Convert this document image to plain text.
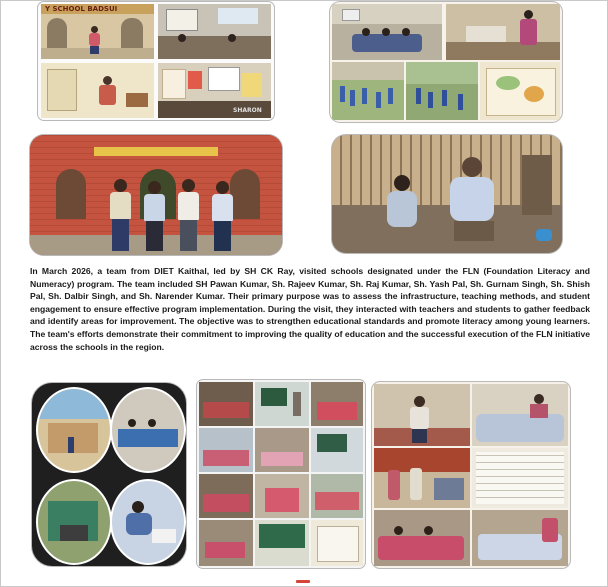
Y SCHOOL BADSUI
SHARON
In March 2026, a team from DIET Kaithal, led by SH CK Ray, visited schools designated under the FLN (Foundation Literacy and Numeracy) program. The team included SH Pawan Kumar, Sh. Rajeev Kumar, Sh. Raj Kumar, Sh. Yash Pal, Sh. Gurnam Singh, Sh. Shish Pal, Sh. Dalbir Singh, and Sh. Narender Kumar. Their primary purpose was to assess the infrastructure, teaching methods, and student engagement to ensure effective program implementation. During the visit, they interacted with teachers and students to gather feedback and identify areas for improvement. The objective was to strengthen educational standards and promote literacy among young learners. The team's efforts demonstrate their commitment to improving the quality of education and the successful execution of the FLN initiative across the schools in the region.
